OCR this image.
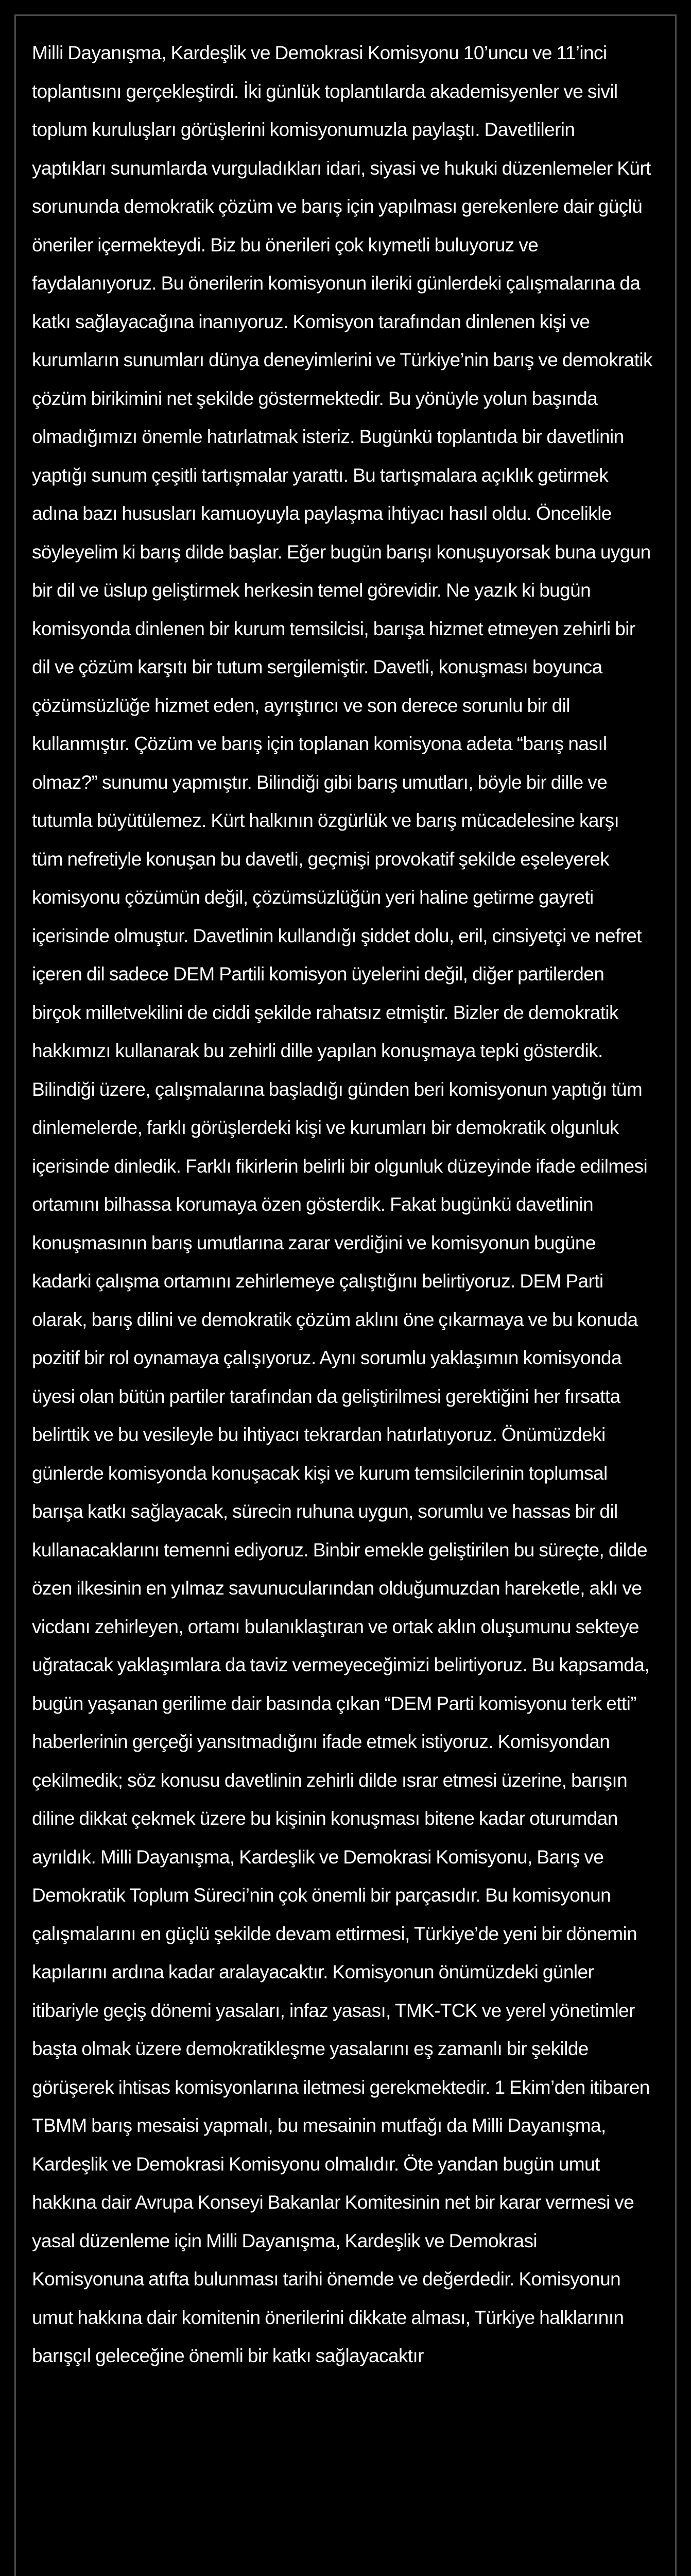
Milli Dayanışma, Kardeşlik ve Demokrasi Komisyonu 10’uncu ve 11’inci toplantısını gerçekleştirdi. İki günlük toplantılarda akademisyenler ve sivil toplum kuruluşları görüşlerini komisyonumuzla paylaştı. Davetlilerin yaptıkları sunumlarda vurguladıkları idari, siyasi ve hukuki düzenlemeler Kürt sorununda demokratik çözüm ve barış için yapılması gerekenlere dair güçlü öneriler içermekteydi. Biz bu önerileri çok kıymetli buluyoruz ve faydalanıyoruz. Bu önerilerin komisyonun ileriki günlerdeki çalışmalarına da katkı sağlayacağına inanıyoruz. Komisyon tarafından dinlenen kişi ve kurumların sunumları dünya deneyimlerini ve Türkiye’nin barış ve demokratik çözüm birikimini net şekilde göstermektedir. Bu yönüyle yolun başında olmadığımızı önemle hatırlatmak isteriz. Bugünkü toplantıda bir davetlinin yaptığı sunum çeşitli tartışmalar yarattı. Bu tartışmalara açıklık getirmek adına bazı hususları kamuoyuyla paylaşma ihtiyacı hasıl oldu. Öncelikle söyleyelim ki barış dilde başlar. Eğer bugün barışı konuşuyorsak buna uygun bir dil ve üslup geliştirmek herkesin temel görevidir. Ne yazık ki bugün komisyonda dinlenen bir kurum temsilcisi, barışa hizmet etmeyen zehirli bir dil ve çözüm karşıtı bir tutum sergilemiştir. Davetli, konuşması boyunca çözümsüzlüğe hizmet eden, ayrıştırıcı ve son derece sorunlu bir dil kullanmıştır. Çözüm ve barış için toplanan komisyona adeta “barış nasıl olmaz?” sunumu yapmıştır. Bilindiği gibi barış umutları, böyle bir dille ve tutumla büyütülemez. Kürt halkının özgürlük ve barış mücadelesine karşı tüm nefretiyle konuşan bu davetli, geçmişi provokatif şekilde eşeleyerek komisyonu çözümün değil, çözümsüzlüğün yeri haline getirme gayreti içerisinde olmuştur. Davetlinin kullandığı şiddet dolu, eril, cinsiyetçi ve nefret içeren dil sadece DEM Partili komisyon üyelerini değil, diğer partilerden birçok milletvekilini de ciddi şekilde rahatsız etmiştir. Bizler de demokratik hakkımızı kullanarak bu zehirli dille yapılan konuşmaya tepki gösterdik. Bilindiği üzere, çalışmalarına başladığı günden beri komisyonun yaptığı tüm dinlemelerde, farklı görüşlerdeki kişi ve kurumları bir demokratik olgunluk içerisinde dinledik. Farklı fikirlerin belirli bir olgunluk düzeyinde ifade edilmesi ortamını bilhassa korumaya özen gösterdik. Fakat bugünkü davetlinin konuşmasının barış umutlarına zarar verdiğini ve komisyonun bugüne kadarki çalışma ortamını zehirlemeye çalıştığını belirtiyoruz. DEM Parti olarak, barış dilini ve demokratik çözüm aklını öne çıkarmaya ve bu konuda pozitif bir rol oynamaya çalışıyoruz. Aynı sorumlu yaklaşımın komisyonda üyesi olan bütün partiler tarafından da geliştirilmesi gerektiğini her fırsatta belirttik ve bu vesileyle bu ihtiyacı tekrardan hatırlatıyoruz. Önümüzdeki günlerde komisyonda konuşacak kişi ve kurum temsilcilerinin toplumsal barışa katkı sağlayacak, sürecin ruhuna uygun, sorumlu ve hassas bir dil kullanacaklarını temenni ediyoruz. Binbir emekle geliştirilen bu süreçte, dilde özen ilkesinin en yılmaz savunucularından olduğumuzdan hareketle, aklı ve vicdanı zehirleyen, ortamı bulanıklaştıran ve ortak aklın oluşumunu sekteye uğratacak yaklaşımlara da taviz vermeyeceğimizi belirtiyoruz. Bu kapsamda, bugün yaşanan gerilime dair basında çıkan “DEM Parti komisyonu terk etti” haberlerinin gerçeği yansıtmadığını ifade etmek istiyoruz. Komisyondan çekilmedik; söz konusu davetlinin zehirli dilde ısrar etmesi üzerine, barışın diline dikkat çekmek üzere bu kişinin konuşması bitene kadar oturumdan ayrıldık. Milli Dayanışma, Kardeşlik ve Demokrasi Komisyonu, Barış ve Demokratik Toplum Süreci’nin çok önemli bir parçasıdır. Bu komisyonun çalışmalarını en güçlü şekilde devam ettirmesi, Türkiye’de yeni bir dönemin kapılarını ardına kadar aralayacaktır. Komisyonun önümüzdeki günler itibariyle geçiş dönemi yasaları, infaz yasası, TMK-TCK ve yerel yönetimler başta olmak üzere demokratikleşme yasalarını eş zamanlı bir şekilde görüşerek ihtisas komisyonlarına iletmesi gerekmektedir. 1 Ekim’den itibaren TBMM barış mesaisi yapmalı, bu mesainin mutfağı da Milli Dayanışma, Kardeşlik ve Demokrasi Komisyonu olmalıdır. Öte yandan bugün umut hakkına dair Avrupa Konseyi Bakanlar Komitesinin net bir karar vermesi ve yasal düzenleme için Milli Dayanışma, Kardeşlik ve Demokrasi Komisyonuna atıfta bulunması tarihi önemde ve değerdedir. Komisyonun umut hakkına dair komitenin önerilerini dikkate alması, Türkiye halklarının barışçıl geleceğine önemli bir katkı sağlayacaktır
